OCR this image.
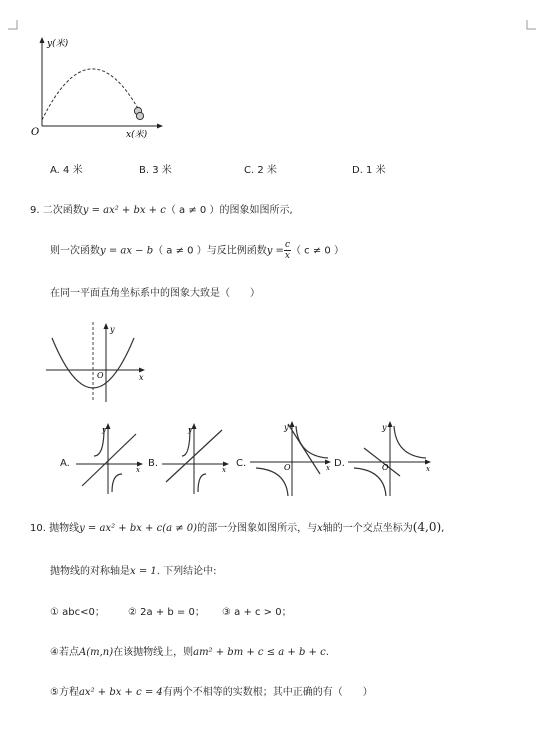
y(米)
x(米)
O
A. 4 米	B. 3 米	C. 2 米	D. 1 米
9. 二次函数y = ax² + bx + c（ a ≠ 0 ）的图象如图所示,
则一次函数y = ax − b（ a ≠ 0 ）与反比例函数$y = \frac{c}{x}$ （ c ≠ 0 ）
在同一平面直角坐标系中的图象大致是（　　）
y
x
O
A.
y
x
B.
y
x
C.
y
O	x D.
y
O	x
10. 抛物线y = ax² + bx + c(a ≠ 0)的部一分图象如图所示，与x轴的一个交点坐标为(4,0),
抛物线的对称轴是x = 1. 下列结论中:
① abc<0； ② 2a + b = 0； ③ a + c > 0；
④若点A(m,n)在该抛物线上，则am² + bm + c ≤ a + b + c.
⑤方程ax² + bx + c = 4有两个不相等的实数根；其中正确的有（　　）
